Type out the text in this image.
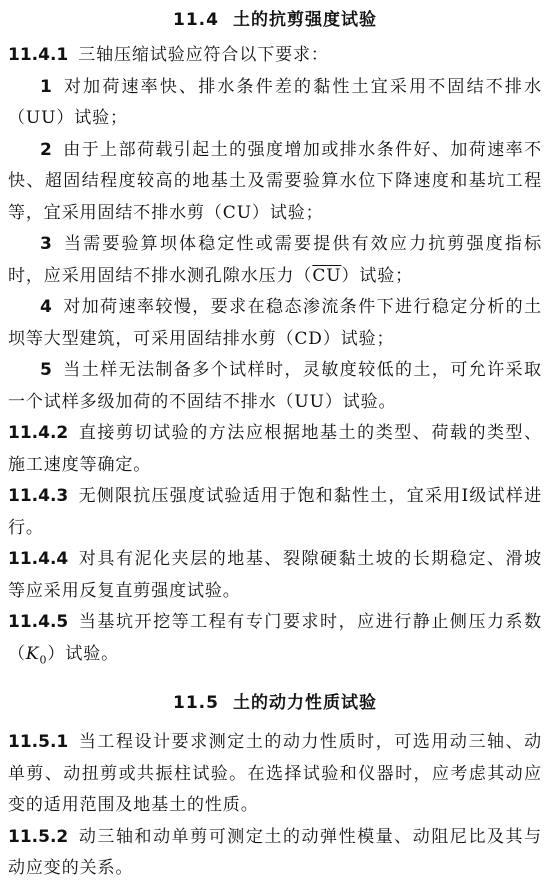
11.4 土的抗剪强度试验

11.4.1 三轴压缩试验应符合以下要求：

1 对加荷速率快、排水条件差的黏性土宜采用不固结不排水（UU）试验；

2 由于上部荷载引起土的强度增加或排水条件好、加荷速率不快、超固结程度较高的地基土及需要验算水位下降速度和基坑工程等，宜采用固结不排水剪（CU）试验；

3 当需要验算坝体稳定性或需要提供有效应力抗剪强度指标时，应采用固结不排水测孔隙水压力$(\overline{CU})$试验；

4 对加荷速率较慢，要求在稳态渗流条件下进行稳定分析的土坝等大型建筑，可采用固结排水剪（CD）试验；

5 当土样无法制备多个试样时，灵敏度较低的土，可允许采取一个试样多级加荷的不固结不排水（UU）试验。

11.4.2 直接剪切试验的方法应根据地基土的类型、荷载的类型、施工速度等确定。

11.4.3 无侧限抗压强度试验适用于饱和黏性土，宜采用Ⅰ级试样进行。

11.4.4 对具有泥化夹层的地基、裂隙硬黏土坡的长期稳定、滑坡等应采用反复直剪强度试验。

11.4.5 当基坑开挖等工程有专门要求时，应进行静止侧压力系数$(K_0)$试验。

11.5 土的动力性质试验

11.5.1 当工程设计要求测定土的动力性质时，可选用动三轴、动单剪、动扭剪或共振柱试验。在选择试验和仪器时，应考虑其动应变的适用范围及地基土的性质。

11.5.2 动三轴和动单剪可测定土的动弹性模量、动阻尼比及其与动应变的关系。
